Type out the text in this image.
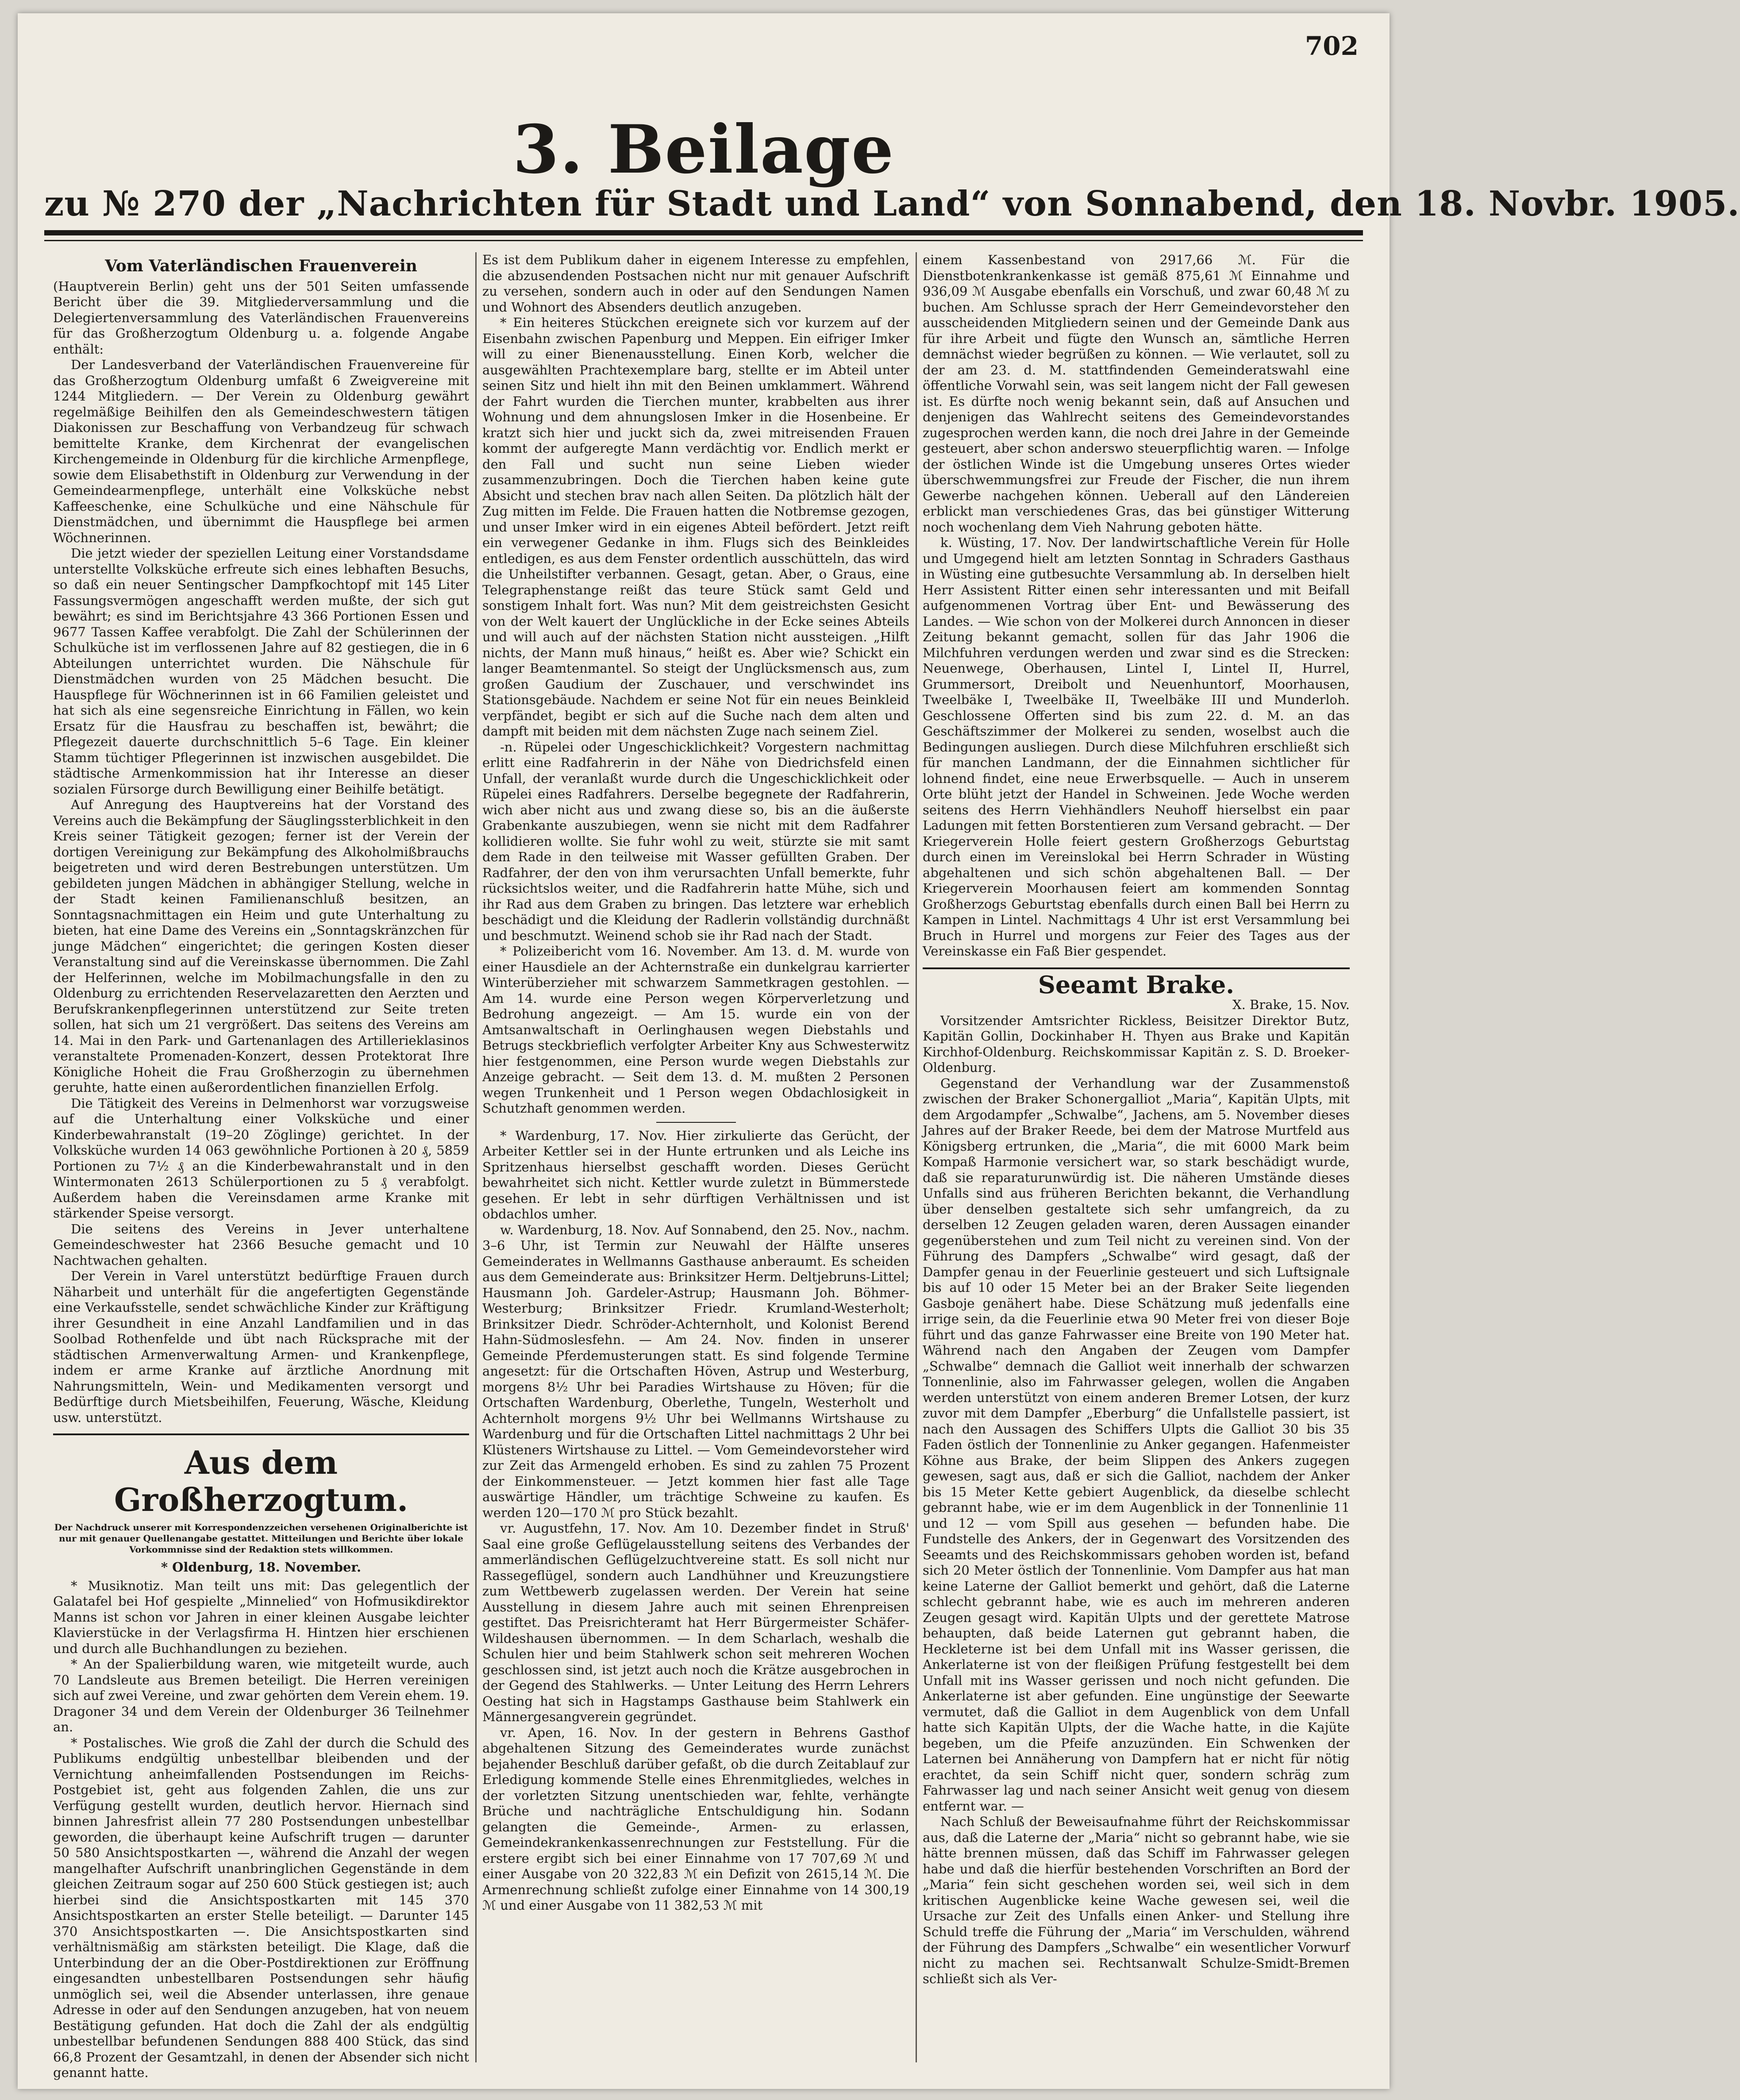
702
3. Beilage
zu № 270 der „Nachrichten für Stadt und Land“ von Sonnabend, den 18. Novbr. 1905.
Vom Vaterländischen Frauenverein

(Hauptverein Berlin) geht uns der 501 Seiten umfassende Bericht über die 39. Mitgliederversammlung und die Delegiertenversammlung des Vaterländischen Frauenvereins für das Großherzogtum Oldenburg u. a. folgende Angabe enthält:

Der Landesverband der Vaterländischen Frauenvereine für das Großherzogtum Oldenburg umfaßt 6 Zweigvereine mit 1244 Mitgliedern. — Der Verein zu Oldenburg gewährt regelmäßige Beihilfen den als Gemeindeschwestern tätigen Diakonissen zur Beschaffung von Verbandzeug für schwach bemittelte Kranke, dem Kirchenrat der evangelischen Kirchengemeinde in Oldenburg für die kirchliche Armenpflege, sowie dem Elisabethstift in Oldenburg zur Verwendung in der Gemeindearmenpflege, unterhält eine Volksküche nebst Kaffeeschenke, eine Schulküche und eine Nähschule für Dienstmädchen, und übernimmt die Hauspflege bei armen Wöchnerinnen.

Die jetzt wieder der speziellen Leitung einer Vorstandsdame unterstellte Volksküche erfreute sich eines lebhaften Besuchs, so daß ein neuer Sentingscher Dampfkochtopf mit 145 Liter Fassungsvermögen angeschafft werden mußte, der sich gut bewährt; es sind im Berichtsjahre 43 366 Portionen Essen und 9677 Tassen Kaffee verabfolgt. Die Zahl der Schülerinnen der Schulküche ist im verflossenen Jahre auf 82 gestiegen, die in 6 Abteilungen unterrichtet wurden. Die Nähschule für Dienstmädchen wurden von 25 Mädchen besucht. Die Hauspflege für Wöchnerinnen ist in 66 Familien geleistet und hat sich als eine segensreiche Einrichtung in Fällen, wo kein Ersatz für die Hausfrau zu beschaffen ist, bewährt; die Pflegezeit dauerte durchschnittlich 5–6 Tage. Ein kleiner Stamm tüchtiger Pflegerinnen ist inzwischen ausgebildet. Die städtische Armenkommission hat ihr Interesse an dieser sozialen Fürsorge durch Bewilligung einer Beihilfe betätigt.

Auf Anregung des Hauptvereins hat der Vorstand des Vereins auch die Bekämpfung der Säuglingssterblichkeit in den Kreis seiner Tätigkeit gezogen; ferner ist der Verein der dortigen Vereinigung zur Bekämpfung des Alkoholmißbrauchs beigetreten und wird deren Bestrebungen unterstützen. Um gebildeten jungen Mädchen in abhängiger Stellung, welche in der Stadt keinen Familienanschluß besitzen, an Sonntagsnachmittagen ein Heim und gute Unterhaltung zu bieten, hat eine Dame des Vereins ein „Sonntagskränzchen für junge Mädchen“ eingerichtet; die geringen Kosten dieser Veranstaltung sind auf die Vereinskasse übernommen. Die Zahl der Helferinnen, welche im Mobilmachungsfalle in den zu Oldenburg zu errichtenden Reservelazaretten den Aerzten und Berufskrankenpflegerinnen unterstützend zur Seite treten sollen, hat sich um 21 vergrößert. Das seitens des Vereins am 14. Mai in den Park- und Gartenanlagen des Artillerieklasinos veranstaltete Promenaden-Konzert, dessen Protektorat Ihre Königliche Hoheit die Frau Großherzogin zu übernehmen geruhte, hatte einen außerordentlichen finanziellen Erfolg.

Die Tätigkeit des Vereins in Delmenhorst war vorzugsweise auf die Unterhaltung einer Volksküche und einer Kinderbewahranstalt (19–20 Zöglinge) gerichtet. In der Volksküche wurden 14 063 gewöhnliche Portionen à 20 ₰, 5859 Portionen zu 7½ ₰ an die Kinderbewahranstalt und in den Wintermonaten 2613 Schülerportionen zu 5 ₰ verabfolgt. Außerdem haben die Vereinsdamen arme Kranke mit stärkender Speise versorgt.

Die seitens des Vereins in Jever unterhaltene Gemeindeschwester hat 2366 Besuche gemacht und 10 Nachtwachen gehalten.

Der Verein in Varel unterstützt bedürftige Frauen durch Näharbeit und unterhält für die angefertigten Gegenstände eine Verkaufsstelle, sendet schwächliche Kinder zur Kräftigung ihrer Gesundheit in eine Anzahl Landfamilien und in das Soolbad Rothenfelde und übt nach Rücksprache mit der städtischen Armenverwaltung Armen- und Krankenpflege, indem er arme Kranke auf ärztliche Anordnung mit Nahrungsmitteln, Wein- und Medikamenten versorgt und Bedürftige durch Mietsbeihilfen, Feuerung, Wäsche, Kleidung usw. unterstützt.

Aus dem Großherzogtum.
Der Nachdruck unserer mit Korrespondenzzeichen versehenen Originalberichte ist nur mit genauer Quellenangabe gestattet. Mitteilungen und Berichte über lokale Vorkommnisse sind der Redaktion stets willkommen.
* Oldenburg, 18. November.

* Musiknotiz. Man teilt uns mit: Das gelegentlich der Galatafel bei Hof gespielte „Minnelied“ von Hofmusikdirektor Manns ist schon vor Jahren in einer kleinen Ausgabe leichter Klavierstücke in der Verlagsfirma H. Hintzen hier erschienen und durch alle Buchhandlungen zu beziehen.

* An der Spalierbildung waren, wie mitgeteilt wurde, auch 70 Landsleute aus Bremen beteiligt. Die Herren vereinigen sich auf zwei Vereine, und zwar gehörten dem Verein ehem. 19. Dragoner 34 und dem Verein der Oldenburger 36 Teilnehmer an.

* Postalisches. Wie groß die Zahl der durch die Schuld des Publikums endgültig unbestellbar bleibenden und der Vernichtung anheimfallenden Postsendungen im Reichs-Postgebiet ist, geht aus folgenden Zahlen, die uns zur Verfügung gestellt wurden, deutlich hervor. Hiernach sind binnen Jahresfrist allein 77 280 Postsendungen unbestellbar geworden, die überhaupt keine Aufschrift trugen — darunter 50 580 Ansichtspostkarten —, während die Anzahl der wegen mangelhafter Aufschrift unanbringlichen Gegenstände in dem gleichen Zeitraum sogar auf 250 600 Stück gestiegen ist; auch hierbei sind die Ansichtspostkarten mit 145 370 Ansichtspostkarten an erster Stelle beteiligt. — Darunter 145 370 Ansichtspostkarten —. Die Ansichtspostkarten sind verhältnismäßig am stärksten beteiligt. Die Klage, daß die Unterbindung der an die Ober-Postdirektionen zur Eröffnung eingesandten unbestellbaren Postsendungen sehr häufig unmöglich sei, weil die Absender unterlassen, ihre genaue Adresse in oder auf den Sendungen anzugeben, hat von neuem Bestätigung gefunden. Hat doch die Zahl der als endgültig unbestellbar befundenen Sendungen 888 400 Stück, das sind 66,8 Prozent der Gesamtzahl, in denen der Absender sich nicht genannt hatte.

Es ist dem Publikum daher in eigenem Interesse zu empfehlen, die abzusendenden Postsachen nicht nur mit genauer Aufschrift zu versehen, sondern auch in oder auf den Sendungen Namen und Wohnort des Absenders deutlich anzugeben.

* Ein heiteres Stückchen ereignete sich vor kurzem auf der Eisenbahn zwischen Papenburg und Meppen. Ein eifriger Imker will zu einer Bienenausstellung. Einen Korb, welcher die ausgewählten Prachtexemplare barg, stellte er im Abteil unter seinen Sitz und hielt ihn mit den Beinen umklammert. Während der Fahrt wurden die Tierchen munter, krabbelten aus ihrer Wohnung und dem ahnungslosen Imker in die Hosenbeine. Er kratzt sich hier und juckt sich da, zwei mitreisenden Frauen kommt der aufgeregte Mann verdächtig vor. Endlich merkt er den Fall und sucht nun seine Lieben wieder zusammenzubringen. Doch die Tierchen haben keine gute Absicht und stechen brav nach allen Seiten. Da plötzlich hält der Zug mitten im Felde. Die Frauen hatten die Notbremse gezogen, und unser Imker wird in ein eigenes Abteil befördert. Jetzt reift ein verwegener Gedanke in ihm. Flugs sich des Beinkleides entledigen, es aus dem Fenster ordentlich ausschütteln, das wird die Unheilstifter verbannen. Gesagt, getan. Aber, o Graus, eine Telegraphenstange reißt das teure Stück samt Geld und sonstigem Inhalt fort. Was nun? Mit dem geistreichsten Gesicht von der Welt kauert der Unglückliche in der Ecke seines Abteils und will auch auf der nächsten Station nicht aussteigen. „Hilft nichts, der Mann muß hinaus,“ heißt es. Aber wie? Schickt ein langer Beamtenmantel. So steigt der Unglücksmensch aus, zum großen Gaudium der Zuschauer, und verschwindet ins Stationsgebäude. Nachdem er seine Not für ein neues Beinkleid verpfändet, begibt er sich auf die Suche nach dem alten und dampft mit beiden mit dem nächsten Zuge nach seinem Ziel.

-n. Rüpelei oder Ungeschicklichkeit? Vorgestern nachmittag erlitt eine Radfahrerin in der Nähe von Diedrichsfeld einen Unfall, der veranlaßt wurde durch die Ungeschicklichkeit oder Rüpelei eines Radfahrers. Derselbe begegnete der Radfahrerin, wich aber nicht aus und zwang diese so, bis an die äußerste Grabenkante auszubiegen, wenn sie nicht mit dem Radfahrer kollidieren wollte. Sie fuhr wohl zu weit, stürzte sie mit samt dem Rade in den teilweise mit Wasser gefüllten Graben. Der Radfahrer, der den von ihm verursachten Unfall bemerkte, fuhr rücksichtslos weiter, und die Radfahrerin hatte Mühe, sich und ihr Rad aus dem Graben zu bringen. Das letztere war erheblich beschädigt und die Kleidung der Radlerin vollständig durchnäßt und beschmutzt. Weinend schob sie ihr Rad nach der Stadt.

* Polizeibericht vom 16. November. Am 13. d. M. wurde von einer Hausdiele an der Achternstraße ein dunkelgrau karrierter Winterüberzieher mit schwarzem Sammetkragen gestohlen. — Am 14. wurde eine Person wegen Körperverletzung und Bedrohung angezeigt. — Am 15. wurde ein von der Amtsanwaltschaft in Oerlinghausen wegen Diebstahls und Betrugs steckbrieflich verfolgter Arbeiter Kny aus Schwesterwitz hier festgenommen, eine Person wurde wegen Diebstahls zur Anzeige gebracht. — Seit dem 13. d. M. mußten 2 Personen wegen Trunkenheit und 1 Person wegen Obdachlosigkeit in Schutzhaft genommen werden.

* Wardenburg, 17. Nov. Hier zirkulierte das Gerücht, der Arbeiter Kettler sei in der Hunte ertrunken und als Leiche ins Spritzenhaus hierselbst geschafft worden. Dieses Gerücht bewahrheitet sich nicht. Kettler wurde zuletzt in Bümmerstede gesehen. Er lebt in sehr dürftigen Verhältnissen und ist obdachlos umher.

w. Wardenburg, 18. Nov. Auf Sonnabend, den 25. Nov., nachm. 3–6 Uhr, ist Termin zur Neuwahl der Hälfte unseres Gemeinderates in Wellmanns Gasthause anberaumt. Es scheiden aus dem Gemeinderate aus: Brinksitzer Herm. Deltjebruns-Littel; Hausmann Joh. Gardeler-Astrup; Hausmann Joh. Böhmer-Westerburg; Brinksitzer Friedr. Krumland-Westerholt; Brinksitzer Diedr. Schröder-Achternholt, und Kolonist Berend Hahn-Südmoslesfehn. — Am 24. Nov. finden in unserer Gemeinde Pferdemusterungen statt. Es sind folgende Termine angesetzt: für die Ortschaften Höven, Astrup und Westerburg, morgens 8½ Uhr bei Paradies Wirtshause zu Höven; für die Ortschaften Wardenburg, Oberlethe, Tungeln, Westerholt und Achternholt morgens 9½ Uhr bei Wellmanns Wirtshause zu Wardenburg und für die Ortschaften Littel nachmittags 2 Uhr bei Klüsteners Wirtshause zu Littel. — Vom Gemeindevorsteher wird zur Zeit das Armengeld erhoben. Es sind zu zahlen 75 Prozent der Einkommensteuer. — Jetzt kommen hier fast alle Tage auswärtige Händler, um trächtige Schweine zu kaufen. Es werden 120—170 ℳ pro Stück bezahlt.

vr. Augustfehn, 17. Nov. Am 10. Dezember findet in Struß' Saal eine große Geflügelausstellung seitens des Verbandes der ammerländischen Geflügelzuchtvereine statt. Es soll nicht nur Rassegeflügel, sondern auch Landhühner und Kreuzungstiere zum Wettbewerb zugelassen werden. Der Verein hat seine Ausstellung in diesem Jahre auch mit seinen Ehrenpreisen gestiftet. Das Preisrichteramt hat Herr Bürgermeister Schäfer-Wildeshausen übernommen. — In dem Scharlach, weshalb die Schulen hier und beim Stahlwerk schon seit mehreren Wochen geschlossen sind, ist jetzt auch noch die Krätze ausgebrochen in der Gegend des Stahlwerks. — Unter Leitung des Herrn Lehrers Oesting hat sich in Hagstamps Gasthause beim Stahlwerk ein Männergesangverein gegründet.

vr. Apen, 16. Nov. In der gestern in Behrens Gasthof abgehaltenen Sitzung des Gemeinderates wurde zunächst bejahender Beschluß darüber gefaßt, ob die durch Zeitablauf zur Erledigung kommende Stelle eines Ehrenmitgliedes, welches in der vorletzten Sitzung unentschieden war, fehlte, verhängte Brüche und nachträgliche Entschuldigung hin. Sodann gelangten die Gemeinde-, Armen- zu erlassen, Gemeindekrankenkassenrechnungen zur Feststellung. Für die erstere ergibt sich bei einer Einnahme von 17 707,69 ℳ und einer Ausgabe von 20 322,83 ℳ ein Defizit von 2615,14 ℳ. Die Armenrechnung schließt zufolge einer Einnahme von 14 300,19 ℳ und einer Ausgabe von 11 382,53 ℳ mit

einem Kassenbestand von 2917,66 ℳ. Für die Dienstbotenkrankenkasse ist gemäß 875,61 ℳ Einnahme und 936,09 ℳ Ausgabe ebenfalls ein Vorschuß, und zwar 60,48 ℳ zu buchen. Am Schlusse sprach der Herr Gemeindevorsteher den ausscheidenden Mitgliedern seinen und der Gemeinde Dank aus für ihre Arbeit und fügte den Wunsch an, sämtliche Herren demnächst wieder begrüßen zu können. — Wie verlautet, soll zu der am 23. d. M. stattfindenden Gemeinderatswahl eine öffentliche Vorwahl sein, was seit langem nicht der Fall gewesen ist. Es dürfte noch wenig bekannt sein, daß auf Ansuchen und denjenigen das Wahlrecht seitens des Gemeindevorstandes zugesprochen werden kann, die noch drei Jahre in der Gemeinde gesteuert, aber schon anderswo steuerpflichtig waren. — Infolge der östlichen Winde ist die Umgebung unseres Ortes wieder überschwemmungsfrei zur Freude der Fischer, die nun ihrem Gewerbe nachgehen können. Ueberall auf den Ländereien erblickt man verschiedenes Gras, das bei günstiger Witterung noch wochenlang dem Vieh Nahrung geboten hätte.

k. Wüsting, 17. Nov. Der landwirtschaftliche Verein für Holle und Umgegend hielt am letzten Sonntag in Schraders Gasthaus in Wüsting eine gutbesuchte Versammlung ab. In derselben hielt Herr Assistent Ritter einen sehr interessanten und mit Beifall aufgenommenen Vortrag über Ent- und Bewässerung des Landes. — Wie schon von der Molkerei durch Annoncen in dieser Zeitung bekannt gemacht, sollen für das Jahr 1906 die Milchfuhren verdungen werden und zwar sind es die Strecken: Neuenwege, Oberhausen, Lintel I, Lintel II, Hurrel, Grummersort, Dreibolt und Neuenhuntorf, Moorhausen, Tweelbäke I, Tweelbäke II, Tweelbäke III und Munderloh. Geschlossene Offerten sind bis zum 22. d. M. an das Geschäftszimmer der Molkerei zu senden, woselbst auch die Bedingungen ausliegen. Durch diese Milchfuhren erschließt sich für manchen Landmann, der die Einnahmen sichtlicher für lohnend findet, eine neue Erwerbsquelle. — Auch in unserem Orte blüht jetzt der Handel in Schweinen. Jede Woche werden seitens des Herrn Viehhändlers Neuhoff hierselbst ein paar Ladungen mit fetten Borstentieren zum Versand gebracht. — Der Kriegerverein Holle feiert gestern Großherzogs Geburtstag durch einen im Vereinslokal bei Herrn Schrader in Wüsting abgehaltenen und sich schön abgehaltenen Ball. — Der Kriegerverein Moorhausen feiert am kommenden Sonntag Großherzogs Geburtstag ebenfalls durch einen Ball bei Herrn zu Kampen in Lintel. Nachmittags 4 Uhr ist erst Versammlung bei Bruch in Hurrel und morgens zur Feier des Tages aus der Vereinskasse ein Faß Bier gespendet.

Seeamt Brake.
X. Brake, 15. Nov.

Vorsitzender Amtsrichter Rickless, Beisitzer Direktor Butz, Kapitän Gollin, Dockinhaber H. Thyen aus Brake und Kapitän Kirchhof-Oldenburg. Reichskommissar Kapitän z. S. D. Broeker-Oldenburg.

Gegenstand der Verhandlung war der Zusammenstoß zwischen der Braker Schonergalliot „Maria“, Kapitän Ulpts, mit dem Argodampfer „Schwalbe“, Jachens, am 5. November dieses Jahres auf der Braker Reede, bei dem der Matrose Murtfeld aus Königsberg ertrunken, die „Maria“, die mit 6000 Mark beim Kompaß Harmonie versichert war, so stark beschädigt wurde, daß sie reparaturunwürdig ist. Die näheren Umstände dieses Unfalls sind aus früheren Berichten bekannt, die Verhandlung über denselben gestaltete sich sehr umfangreich, da zu derselben 12 Zeugen geladen waren, deren Aussagen einander gegenüberstehen und zum Teil nicht zu vereinen sind. Von der Führung des Dampfers „Schwalbe“ wird gesagt, daß der Dampfer genau in der Feuerlinie gesteuert und sich Luftsignale bis auf 10 oder 15 Meter bei an der Braker Seite liegenden Gasboje genähert habe. Diese Schätzung muß jedenfalls eine irrige sein, da die Feuerlinie etwa 90 Meter frei von dieser Boje führt und das ganze Fahrwasser eine Breite von 190 Meter hat. Während nach den Angaben der Zeugen vom Dampfer „Schwalbe“ demnach die Galliot weit innerhalb der schwarzen Tonnenlinie, also im Fahrwasser gelegen, wollen die Angaben werden unterstützt von einem anderen Bremer Lotsen, der kurz zuvor mit dem Dampfer „Eberburg“ die Unfallstelle passiert, ist nach den Aussagen des Schiffers Ulpts die Galliot 30 bis 35 Faden östlich der Tonnenlinie zu Anker gegangen. Hafenmeister Köhne aus Brake, der beim Slippen des Ankers zugegen gewesen, sagt aus, daß er sich die Galliot, nachdem der Anker bis 15 Meter Kette gebiert Augenblick, da dieselbe schlecht gebrannt habe, wie er im dem Augenblick in der Tonnenlinie 11 und 12 — vom Spill aus gesehen — befunden habe. Die Fundstelle des Ankers, der in Gegenwart des Vorsitzenden des Seeamts und des Reichskommissars gehoben worden ist, befand sich 20 Meter östlich der Tonnenlinie. Vom Dampfer aus hat man keine Laterne der Galliot bemerkt und gehört, daß die Laterne schlecht gebrannt habe, wie es auch im mehreren anderen Zeugen gesagt wird. Kapitän Ulpts und der gerettete Matrose behaupten, daß beide Laternen gut gebrannt haben, die Heckleterne ist bei dem Unfall mit ins Wasser gerissen, die Ankerlaterne ist von der fleißigen Prüfung festgestellt bei dem Unfall mit ins Wasser gerissen und noch nicht gefunden. Die Ankerlaterne ist aber gefunden. Eine ungünstige der Seewarte vermutet, daß die Galliot in dem Augenblick von dem Unfall hatte sich Kapitän Ulpts, der die Wache hatte, in die Kajüte begeben, um die Pfeife anzuzünden. Ein Schwenken der Laternen bei Annäherung von Dampfern hat er nicht für nötig erachtet, da sein Schiff nicht quer, sondern schräg zum Fahrwasser lag und nach seiner Ansicht weit genug von diesem entfernt war. —

Nach Schluß der Beweisaufnahme führt der Reichskommissar aus, daß die Laterne der „Maria“ nicht so gebrannt habe, wie sie hätte brennen müssen, daß das Schiff im Fahrwasser gelegen habe und daß die hierfür bestehenden Vorschriften an Bord der „Maria“ fein sicht geschehen worden sei, weil sich in dem kritischen Augenblicke keine Wache gewesen sei, weil die Ursache zur Zeit des Unfalls einen Anker- und Stellung ihre Schuld treffe die Führung der „Maria“ im Verschulden, während der Führung des Dampfers „Schwalbe“ ein wesentlicher Vorwurf nicht zu machen sei. Rechtsanwalt Schulze-Smidt-Bremen schließt sich als Ver-
